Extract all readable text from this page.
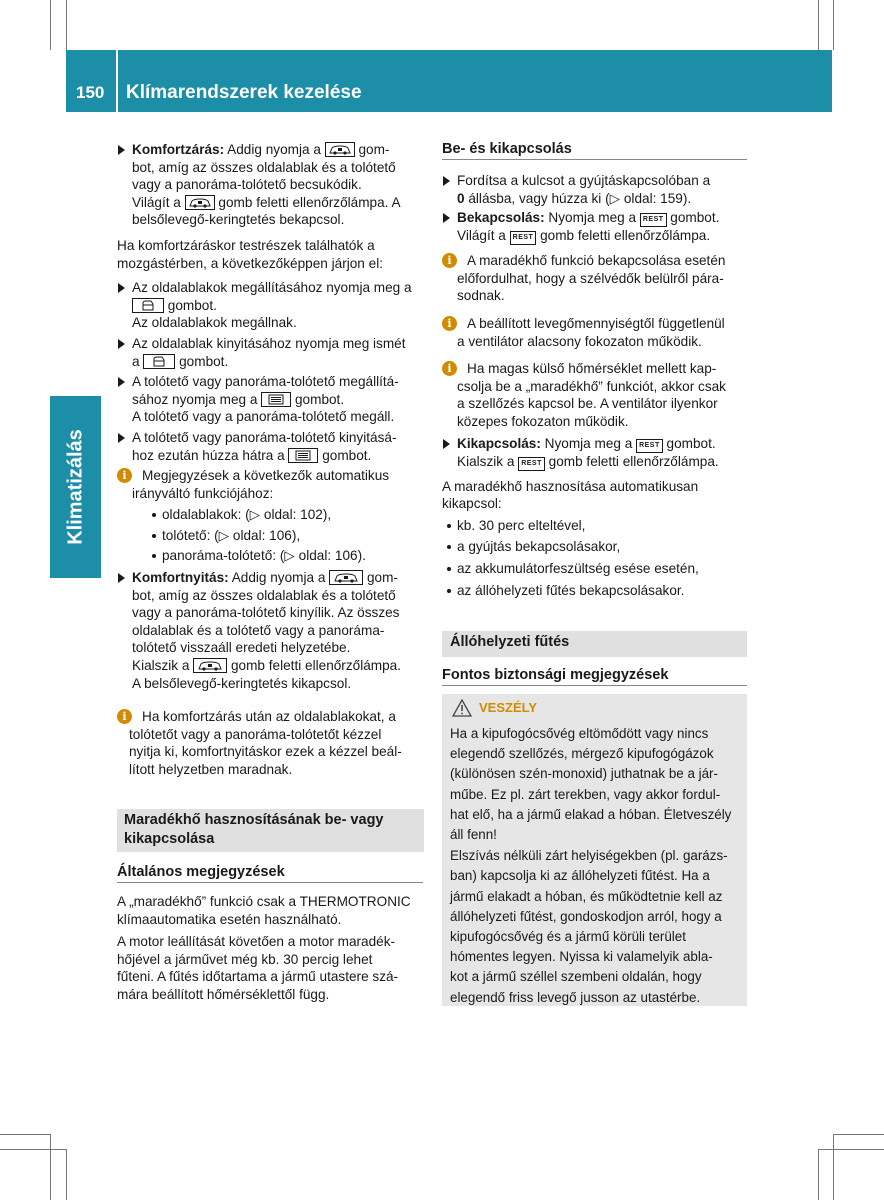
150 Klímarendszerek kezelése
Klimatizálás

Komfortzárás: Addig nyomja a  gom-

bot, amíg az összes oldalablak és a tolótető

vagy a panoráma-tolótető becsukódik.

Világít a  gomb feletti ellenőrzőlámpa. A

belsőlevegő-keringtetés bekapcsol.

Ha komfortzáráskor testrészek találhatók a

mozgástérben, a következőképpen járjon el:

Az oldalablakok megállításához nyomja meg a

gombot.

Az oldalablakok megállnak.

Az oldalablak kinyitásához nyomja meg ismét

a  gombot.

A tolótető vagy panoráma-tolótető megállítá-

sához nyomja meg a  gombot.

A tolótető vagy a panoráma-tolótető megáll.

A tolótető vagy panoráma-tolótető kinyitásá-

hoz ezután húzza hátra a  gombot.

i	Megjegyzések a következők automatikus

irányváltó funkciójához:

oldalablakok: (▷ oldal: 102),

tolótető: (▷ oldal: 106),

panoráma-tolótető: (▷ oldal: 106).

Komfortnyitás: Addig nyomja a	gom-

bot, amíg az összes oldalablak és a tolótető

vagy a panoráma-tolótető kinyílik. Az összes

oldalablak és a tolótető vagy a panoráma-

tolótető visszaáll eredeti helyzetébe.

Kialszik a	gomb feletti ellenőrzőlámpa.

A belsőlevegő-keringtetés kikapcsol.

i	Ha komfortzárás után az oldalablakokat, a

tolótetőt vagy a panoráma-tolótetőt kézzel

nyitja ki, komfortnyitáskor ezek a kézzel beál-

lított helyzetben maradnak.

Maradékhő hasznosításának be- vagy
kikapcsolása
Általános megjegyzések

A „maradékhő” funkció csak a THERMOTRONIC

klímaautomatika esetén használható.

A motor leállítását követően a motor maradék-

hőjével a járművet még kb. 30 percig lehet

fűteni. A fűtés időtartama a jármű utastere szá-

mára beállított hőmérséklettől függ.

Be- és kikapcsolás

Fordítsa a kulcsot a gyújtáskapcsolóban a

0 állásba, vagy húzza ki (▷ oldal: 159).

Bekapcsolás: Nyomja meg a REST gombot.

Világít a REST gomb feletti ellenőrzőlámpa.

i	A maradékhő funkció bekapcsolása esetén

előfordulhat, hogy a szélvédők belülről pára-

sodnak.

i	A beállított levegőmennyiségtől függetlenül

a ventilátor alacsony fokozaton működik.

i	Ha magas külső hőmérséklet mellett kap-

csolja be a „maradékhő” funkciót, akkor csak

a szellőzés kapcsol be. A ventilátor ilyenkor

közepes fokozaton működik.

Kikapcsolás: Nyomja meg a REST gombot.

Kialszik a REST gomb feletti ellenőrzőlámpa.

A maradékhő hasznosítása automatikusan

kikapcsol:

kb. 30 perc elteltével,

a gyújtás bekapcsolásakor,

az akkumulátorfeszültség esése esetén,

az állóhelyzeti fűtés bekapcsolásakor.

Állóhelyzeti fűtés
Fontos biztonsági megjegyzések
VESZÉLY

Ha a kipufogócsővég eltömődött vagy nincs

elegendő szellőzés, mérgező kipufogógázok

(különösen szén-monoxid) juthatnak be a jár-

műbe. Ez pl. zárt terekben, vagy akkor fordul-

hat elő, ha a jármű elakad a hóban. Életveszély

áll fenn!

Elszívás nélküli zárt helyiségekben (pl. garázs-

ban) kapcsolja ki az állóhelyzeti fűtést. Ha a

jármű elakadt a hóban, és működtetnie kell az

állóhelyzeti fűtést, gondoskodjon arról, hogy a

kipufogócsővég és a jármű körüli terület

hómentes legyen. Nyissa ki valamelyik abla-

kot a jármű széllel szembeni oldalán, hogy

elegendő friss levegő jusson az utastérbe.
